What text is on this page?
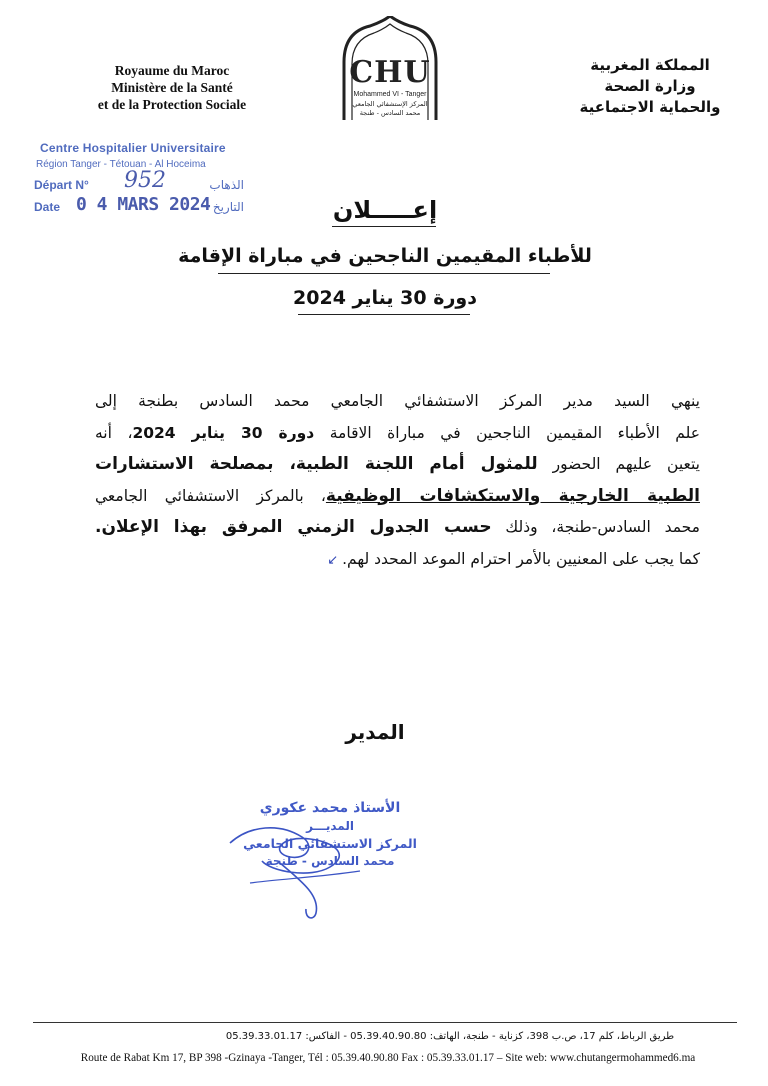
Royaume du Maroc
Ministère de la Santé
et de la Protection Sociale
CHU
Mohammed VI - Tanger
المركز الإستشفائي الجامعي
محمد السادس - طنجة
المملكة المغربية
وزارة الصحة
والحماية الاجتماعية
Centre Hospitalier Universitaire
Région Tanger - Tétouan - Al Hoceima
Départ N° 952	الذهاب
Date 0 4 MARS 2024 التاريخ	إعـــــلان
للأطباء المقيمين الناجحين في مباراة الإقامة
دورة 30 يناير 2024
ينهي السيد مدير المركز الاستشفائي الجامعي محمد السادس بطنجة إلى
علم الأطباء المقيمين الناجحين في مباراة الاقامة دورة 30 يناير 2024، أنه
يتعين عليهم الحضور للمثول أمام اللجنة الطبية، بمصلحة الاستشارات
الطبية الخارجية والاستكشافات الوظيفية، بالمركز الاستشفائي الجامعي
محمد السادس-طنجة، وذلك حسب الجدول الزمني المرفق بهذا الإعلان.
كما يجب على المعنيين بالأمر احترام الموعد المحدد لهم.↙
المدير
الأستاذ محمد عكوري
المديـــر
المركز الاستشفائي الجامعي
محمد السادس - طنجة
طريق الرباط، كلم 17، ص.ب 398، كزناية - طنجة، الهاتف: 05.39.40.90.80 - الفاكس: 05.39.33.01.17
Route de Rabat Km 17, BP 398 -Gzinaya -Tanger, Tél : 05.39.40.90.80 Fax : 05.39.33.01.17 – Site web: www.chutangermohammed6.ma
